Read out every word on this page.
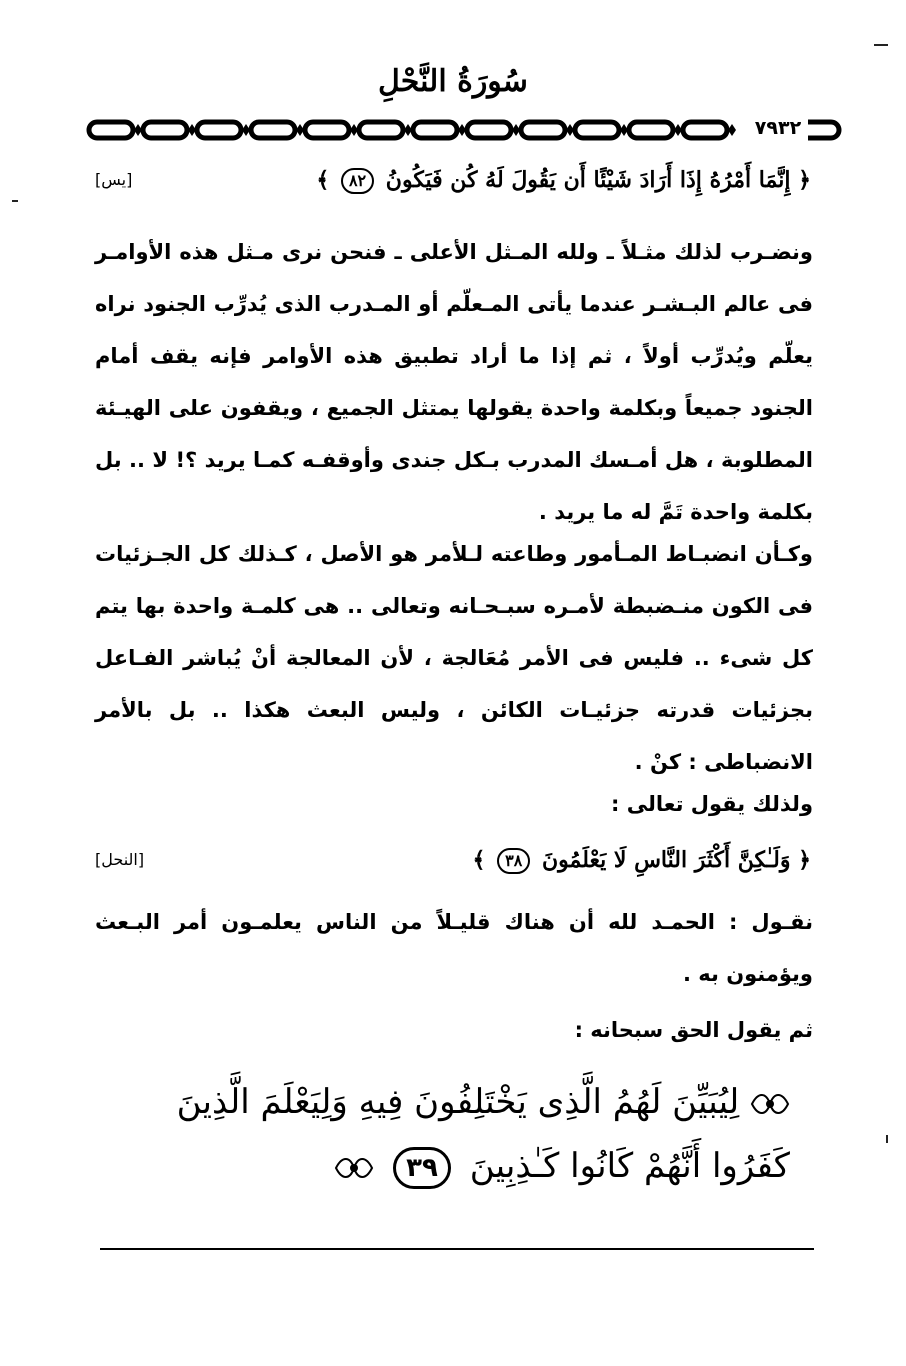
سُورَةُ النَّحْلِ
٧٩٣٢
﴿ إِنَّمَا أَمْرُهُ إِذَا أَرَادَ شَيْئًا أَن يَقُولَ لَهُ كُن فَيَكُونُ ٨٢ ﴾
[يس]

ونضـرب لذلك مثـلاً ـ ولله المـثل الأعلى ـ فنحن نرى مـثل هذه الأوامـر فى عالم البـشـر عندما يأتى المـعلّم أو المـدرب الذى يُدرِّب الجنود نراه يعلّم ويُدرِّب أولاً ، ثم إذا ما أراد تطبيق هذه الأوامر فإنه يقف أمام الجنود جميعاً وبكلمة واحدة يقولها يمتثل الجميع ، ويقفون على الهيـئة المطلوبة ، هل أمـسك المدرب بـكل جندى وأوقفـه كمـا يريد ؟! لا .. بل بكلمة واحدة تَمَّ له ما يريد .

وكـأن انضبـاط المـأمور وطاعته لـلأمر هو الأصل ، كـذلك كل الجـزئيات فى الكون منـضبطة لأمـره سبـحـانه وتعالى .. هى كلمـة واحدة بها يتم كل شىء .. فليس فى الأمر مُعَالجة ، لأن المعالجة أنْ يُباشر الفـاعل بجزئيات قدرته جزئيـات الكائن ، وليس البعث هكذا .. بل بالأمر الانضباطى : كنْ .

ولذلك يقول تعالى :

﴿ وَلَـٰكِنَّ أَكْثَرَ النَّاسِ لَا يَعْلَمُونَ ٣٨ ﴾
[النحل]

نقـول : الحمـد لله أن هناك قليـلاً من الناس يعلمـون أمر البـعث ويؤمنون به .

ثم يقول الحق سبحانه :

لِيُبَيِّنَ لَهُمُ الَّذِى يَخْتَلِفُونَ فِيهِ وَلِيَعْلَمَ الَّذِينَ كَفَرُوا أَنَّهُمْ كَانُوا كَـٰذِبِينَ ٣٩
